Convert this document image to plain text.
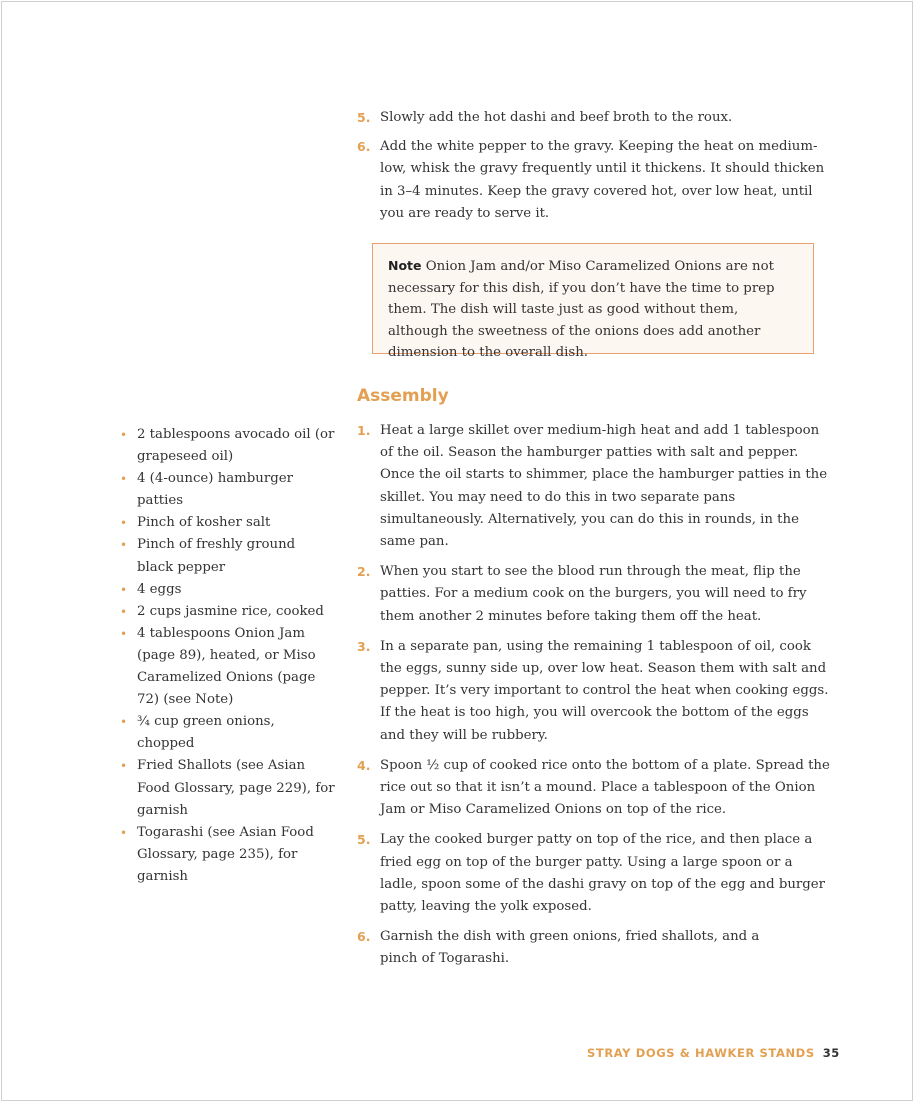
5. Slowly add the hot dashi and beef broth to the roux.
6. Add the white pepper to the gravy. Keeping the heat on medium-low, whisk the gravy frequently until it thickens. It should thicken in 3–4 minutes. Keep the gravy covered hot, over low heat, until you are ready to serve it.
Note Onion Jam and/or Miso Caramelized Onions are not necessary for this dish, if you don’t have the time to prep them. The dish will taste just as good without them, although the sweetness of the onions does add another dimension to the overall dish.
Assembly
• 2 tablespoons avocado oil (or grapeseed oil)
• 4 (4-ounce) hamburger patties
• Pinch of kosher salt
• Pinch of freshly ground black pepper
• 4 eggs
• 2 cups jasmine rice, cooked
• 4 tablespoons Onion Jam (page 89), heated, or Miso Caramelized Onions (page 72) (see Note)
• ¾ cup green onions, chopped
• Fried Shallots (see Asian Food Glossary, page 229), for garnish
• Togarashi (see Asian Food Glossary, page 235), for garnish
1. Heat a large skillet over medium-high heat and add 1 tablespoon of the oil. Season the hamburger patties with salt and pepper. Once the oil starts to shimmer, place the hamburger patties in the skillet. You may need to do this in two separate pans simultaneously. Alternatively, you can do this in rounds, in the same pan.
2. When you start to see the blood run through the meat, flip the patties. For a medium cook on the burgers, you will need to fry them another 2 minutes before taking them off the heat.
3. In a separate pan, using the remaining 1 tablespoon of oil, cook the eggs, sunny side up, over low heat. Season them with salt and pepper. It’s very important to control the heat when cooking eggs. If the heat is too high, you will overcook the bottom of the eggs and they will be rubbery.
4. Spoon ½ cup of cooked rice onto the bottom of a plate. Spread the rice out so that it isn’t a mound. Place a tablespoon of the Onion Jam or Miso Caramelized Onions on top of the rice.
5. Lay the cooked burger patty on top of the rice, and then place a fried egg on top of the burger patty. Using a large spoon or a ladle, spoon some of the dashi gravy on top of the egg and burger patty, leaving the yolk exposed.
6. Garnish the dish with green onions, fried shallots, and a pinch of Togarashi.
STRAY DOGS & HAWKER STANDS 35
